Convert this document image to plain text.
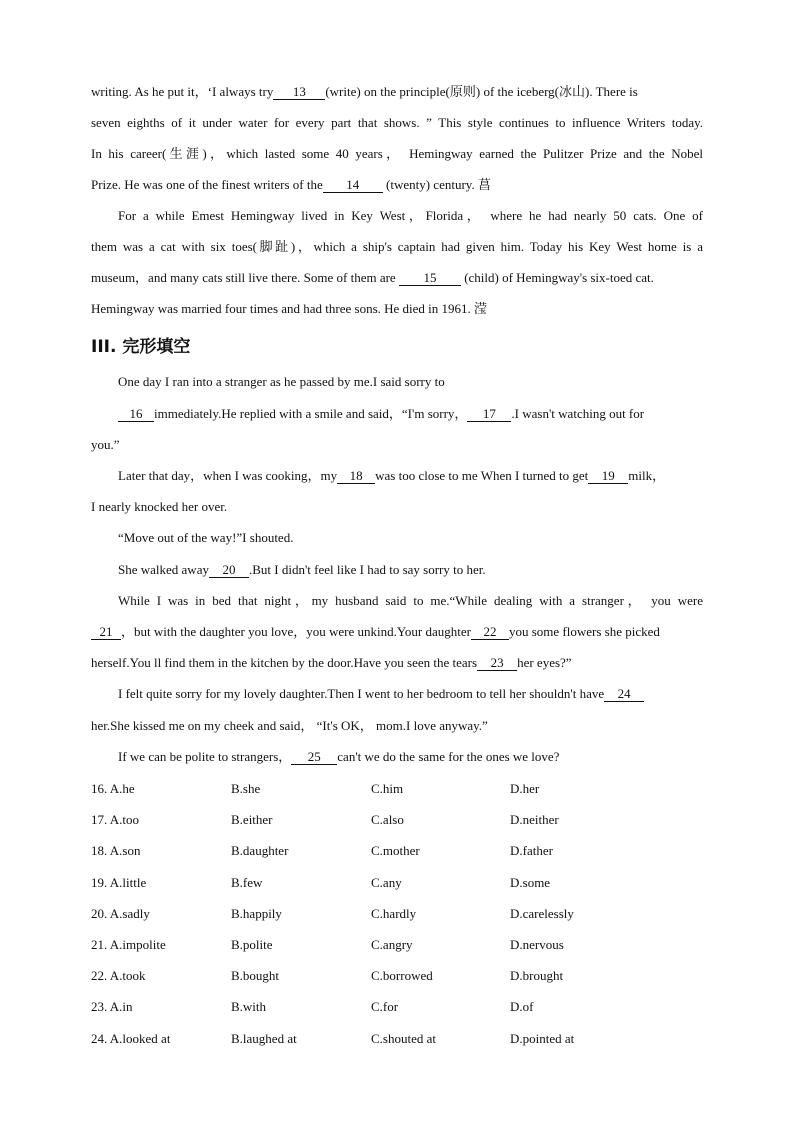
writing. As he put it，‘I always try 13 (write) on the principle(原则) of the iceberg(冰山). There is
seven eighths of it under water for every part that shows. ” This style continues to influence Writers today.
In his career(生涯)，which lasted some 40 years， Hemingway earned the Pulitzer Prize and the Nobel
Prize. He was one of the finest writers of the 14 (twenty) century. 菖
For a while Emest Hemingway lived in Key West，Florida， where he had nearly 50 cats. One of
them was a cat with six toes(脚趾)，which a ship's captain had given him. Today his Key West home is a
museum，and many cats still live there. Some of them are 15 (child) of Hemingway's six-toed cat.
Hemingway was married four times and had three sons. He died in 1961. 滢
III. 完形填空
One day I ran into a stranger as he passed by me.I said sorry to
16 immediately.He replied with a smile and said，“I'm sorry， 17 .I wasn't watching out for
you.”
Later that day，when I was cooking，my 18 was too close to me When I turned to get 19 milk，
I nearly knocked her over.
“Move out of the way!”I shouted.
She walked away 20 .But I didn't feel like I had to say sorry to her.
While I was in bed that night，my husband said to me.“While dealing with a stranger， you were
21 ，but with the daughter you love，you were unkind.Your daughter 22 you some flowers she picked
herself.You ll find them in the kitchen by the door.Have you seen the tears 23 her eyes?”
I felt quite sorry for my lovely daughter.Then I went to her bedroom to tell her shouldn't have 24
her.She kissed me on my cheek and said， “It's OK， mom.I love anyway.”
If we can be polite to strangers， 25 can't we do the same for the ones we love?
16. A.he	B.she	C.him	D.her
17. A.too	B.either	C.also	D.neither
18. A.son	B.daughter	C.mother	D.father
19. A.little	B.few	C.any	D.some
20. A.sadly	B.happily	C.hardly	D.carelessly
21. A.impolite	B.polite	C.angry	D.nervous
22. A.took	B.bought	C.borrowed	D.brought
23. A.in	B.with	C.for	D.of
24. A.looked at	B.laughed at	C.shouted at	D.pointed at
